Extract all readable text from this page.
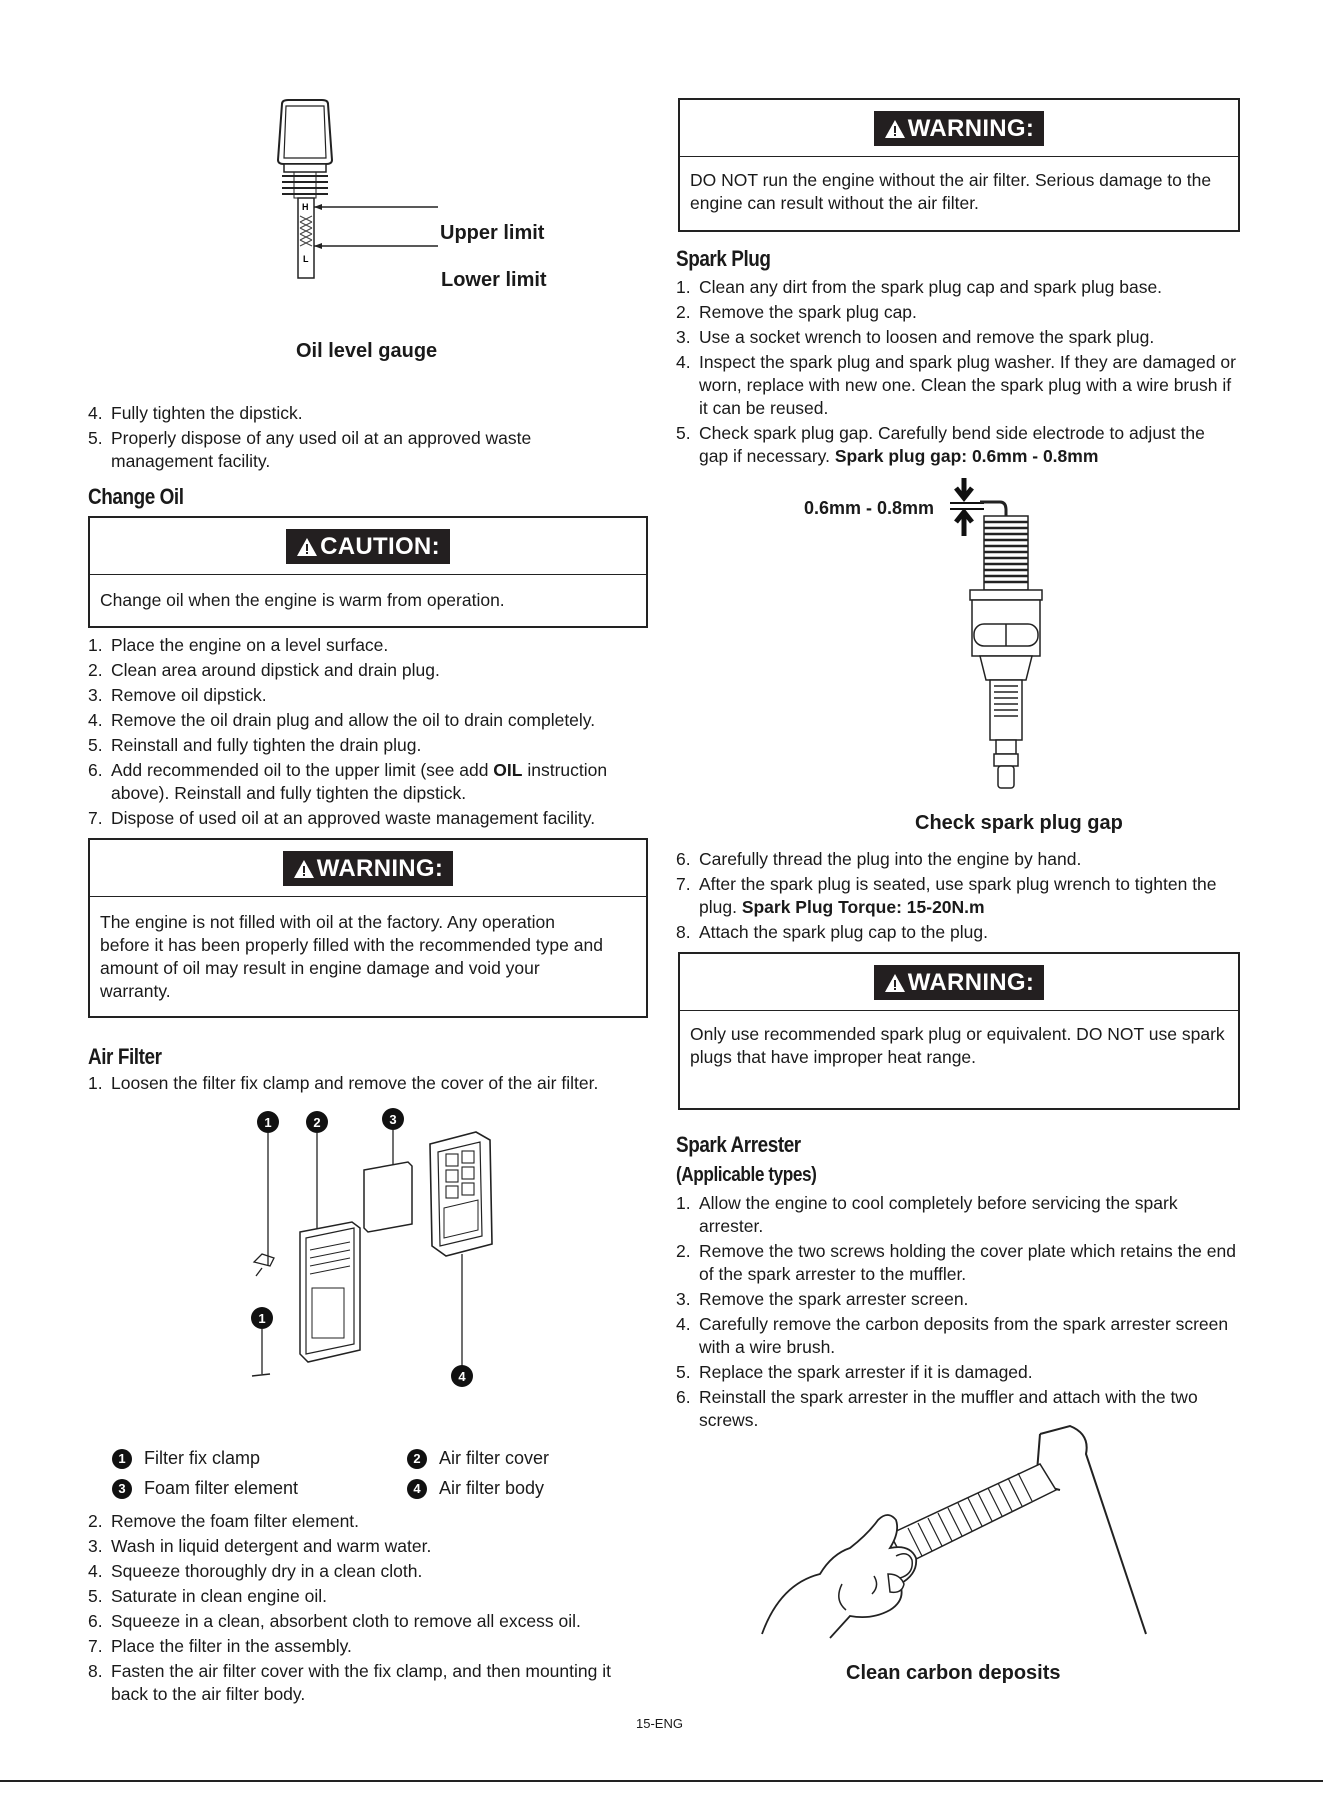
H
L

Upper limit

Lower limit

Oil level gauge

4. Fully tighten the dipstick.
5. Properly dispose of any used oil at an approved waste management facility.
Change Oil
CAUTION:

Change oil when the engine is warm from operation.

1. Place the engine on a level surface.
2. Clean area around dipstick and drain plug.
3. Remove oil dipstick.
4. Remove the oil drain plug and allow the oil to drain completely.
5. Reinstall and fully tighten the drain plug.
6. Add recommended oil to the upper limit (see add OIL instruction above). Reinstall and fully tighten the dipstick.
7. Dispose of used oil at an approved waste management facility.
WARNING:

The engine is not filled with oil at the factory. Any operation before it has been properly filled with the recommended type and amount of oil may result in engine damage and void your warranty.

Air Filter
1. Loosen the filter fix clamp and remove the cover of the air filter.
1	2	3
4
1
1	Filter fix clamp	2	Air filter cover
3	Foam filter element	4	Air filter body
2. Remove the foam filter element.
3. Wash in liquid detergent and warm water.
4. Squeeze thoroughly dry in a clean cloth.
5. Saturate in clean engine oil.
6. Squeeze in a clean, absorbent cloth to remove all excess oil.
7. Place the filter in the assembly.
8. Fasten the air filter cover with the fix clamp, and then mounting it back to the air filter body.
WARNING:

DO NOT run the engine without the air filter. Serious damage to the engine can result without the air filter.

Spark Plug
1. Clean any dirt from the spark plug cap and spark plug base.
2. Remove the spark plug cap.
3. Use a socket wrench to loosen and remove the spark plug.
4. Inspect the spark plug and spark plug washer. If they are damaged or worn, replace with new one. Clean the spark plug with a wire brush if it can be reused.
5. Check spark plug gap. Carefully bend side electrode to adjust the gap if necessary. Spark plug gap: 0.6mm - 0.8mm

0.6mm - 0.8mm

Check spark plug gap

6. Carefully thread the plug into the engine by hand.
7. After the spark plug is seated, use spark plug wrench to tighten the plug. Spark Plug Torque: 15-20N.m
8. Attach the spark plug cap to the plug.
WARNING:

Only use recommended spark plug or equivalent. DO NOT use spark plugs that have improper heat range.

Spark Arrester
(Applicable types)
1. Allow the engine to cool completely before servicing the spark arrester.
2. Remove the two screws holding the cover plate which retains the end of the spark arrester to the muffler.
3. Remove the spark arrester screen.
4. Carefully remove the carbon deposits from the spark arrester screen with a wire brush.
5. Replace the spark arrester if it is damaged.
6. Reinstall the spark arrester in the muffler and attach with the two screws.

Clean carbon deposits

15-ENG
